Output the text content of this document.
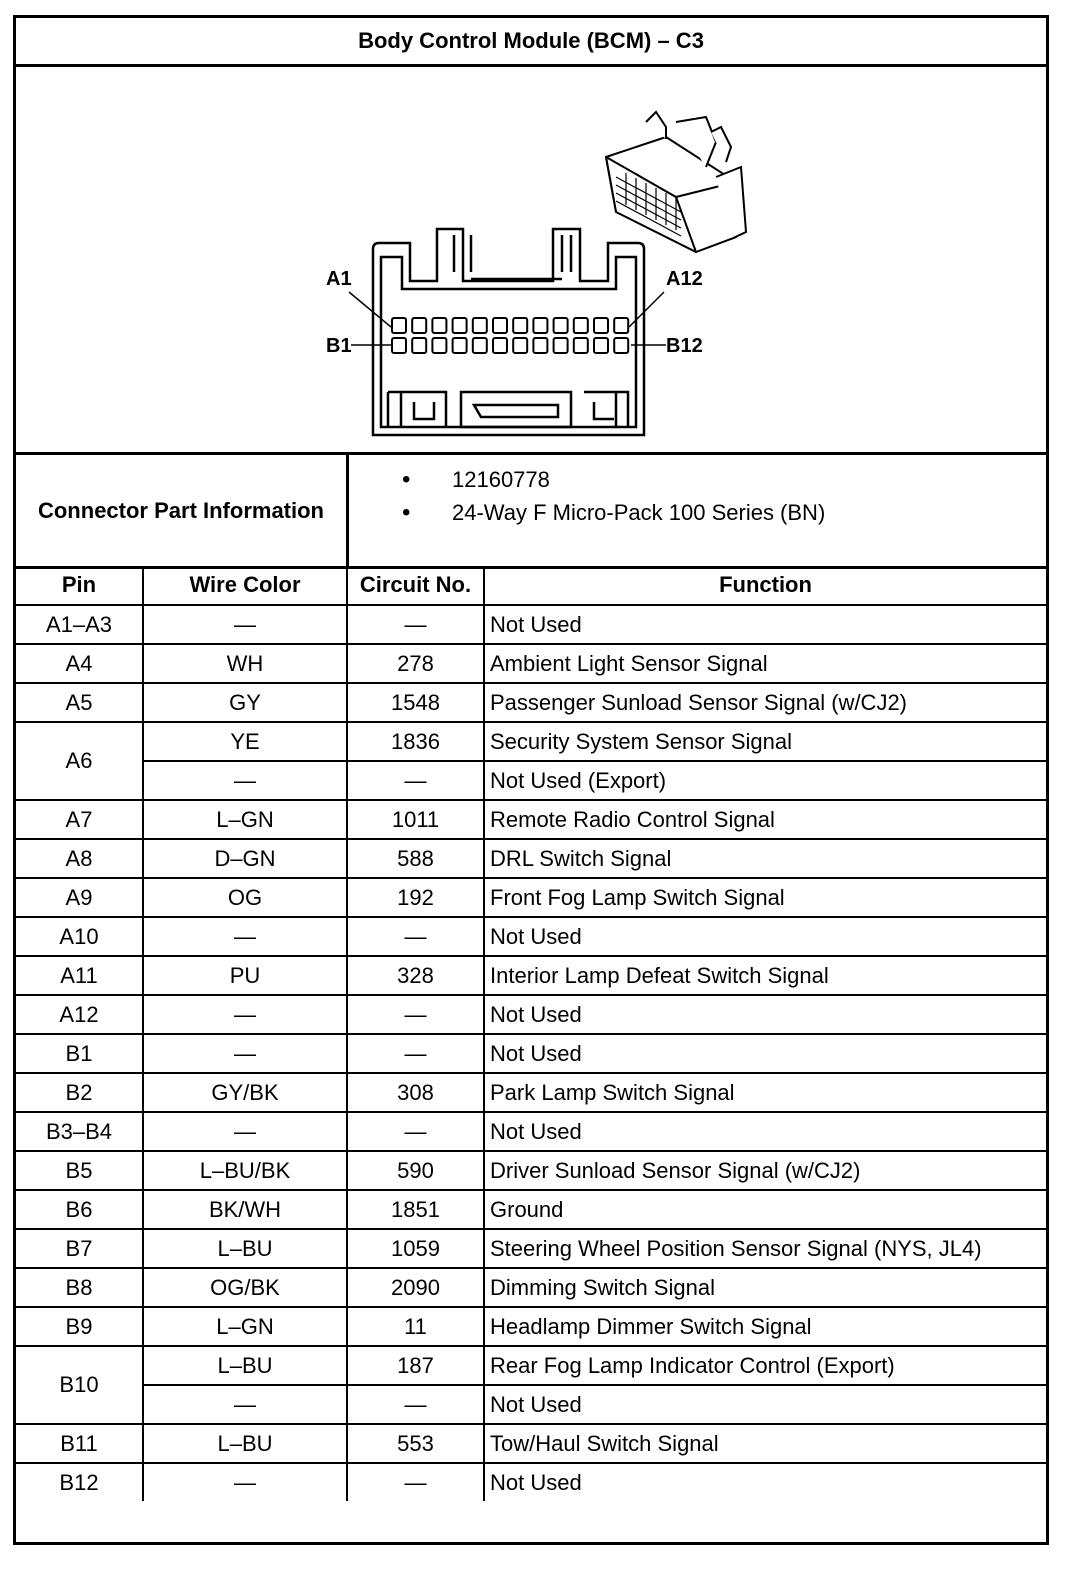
Body Control Module (BCM) – C3
A1	A12
B1	B12
Connector Part Information
• 12160778
• 24-Way F Micro-Pack 100 Series (BN)
Pin	Wire Color	Circuit No.	Function
A1–A3	—	—	Not Used
A4	WH	278	Ambient Light Sensor Signal
A5	GY	1548	Passenger Sunload Sensor Signal (w/CJ2)
A6	YE	1836	Security System Sensor Signal
	—	—	Not Used (Export)
A7	L–GN	1011	Remote Radio Control Signal
A8	D–GN	588	DRL Switch Signal
A9	OG	192	Front Fog Lamp Switch Signal
A10	—	—	Not Used
A11	PU	328	Interior Lamp Defeat Switch Signal
A12	—	—	Not Used
B1	—	—	Not Used
B2	GY/BK	308	Park Lamp Switch Signal
B3–B4	—	—	Not Used
B5	L–BU/BK	590	Driver Sunload Sensor Signal (w/CJ2)
B6	BK/WH	1851	Ground
B7	L–BU	1059	Steering Wheel Position Sensor Signal (NYS, JL4)
B8	OG/BK	2090	Dimming Switch Signal
B9	L–GN	11	Headlamp Dimmer Switch Signal
B10	L–BU	187	Rear Fog Lamp Indicator Control (Export)
	—	—	Not Used
B11	L–BU	553	Tow/Haul Switch Signal
B12	—	—	Not Used
